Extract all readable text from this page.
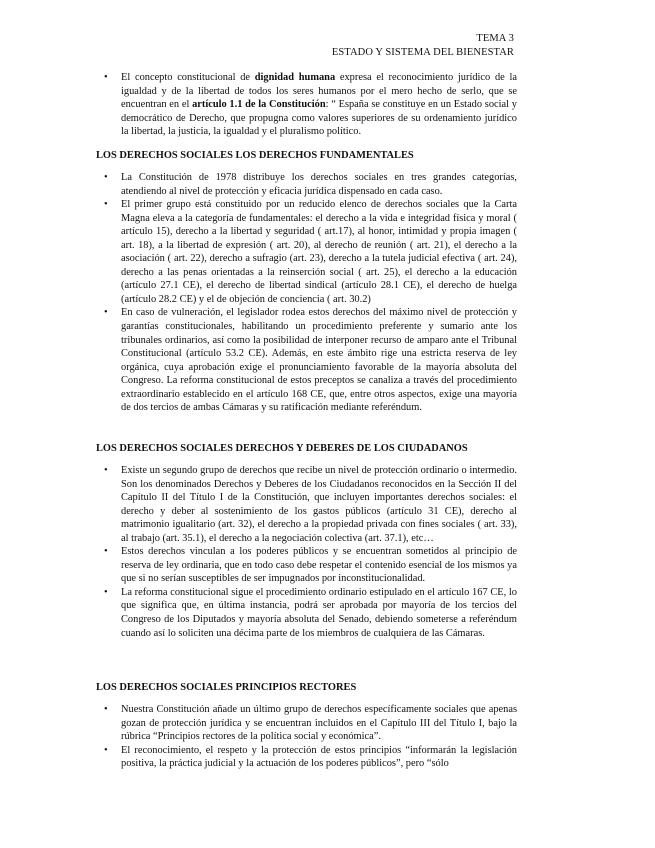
TEMA 3
ESTADO Y SISTEMA DEL BIENESTAR
• El concepto constitucional de dignidad humana expresa el reconocimiento jurídico de la igualdad y de la libertad de todos los seres humanos por el mero hecho de serlo, que se encuentran en el artículo 1.1 de la Constitución: “ España se constituye en un Estado social y democrático de Derecho, que propugna como valores superiores de su ordenamiento jurídico la libertad, la justicia, la igualdad y el pluralismo político.
LOS DERECHOS SOCIALES LOS DERECHOS FUNDAMENTALES
• La Constitución de 1978 distribuye los derechos sociales en tres grandes categorías, atendiendo al nivel de protección y eficacia jurídica dispensado en cada caso.
• El primer grupo está constituido por un reducido elenco de derechos sociales que la Carta Magna eleva a la categoría de fundamentales: el derecho a la vida e integridad física y moral ( artículo 15), derecho a la libertad y seguridad ( art.17), al honor, intimidad y propia imagen ( art. 18), a la libertad de expresión ( art. 20), al derecho de reunión ( art. 21), el derecho a la asociación ( art. 22), derecho a sufragio (art. 23), derecho a la tutela judicial efectiva ( art. 24), derecho a las penas orientadas a la reinserción social ( art. 25), el derecho a la educación (artículo 27.1 CE), el derecho de libertad sindical (artículo 28.1 CE), el derecho de huelga (artículo 28.2 CE) y el de objeción de conciencia ( art. 30.2)
• En caso de vulneración, el legislador rodea estos derechos del máximo nivel de protección y garantías constitucionales, habilitando un procedimiento preferente y sumario ante los tribunales ordinarios, así como la posibilidad de interponer recurso de amparo ante el Tribunal Constitucional (artículo 53.2 CE). Además, en este ámbito rige una estricta reserva de ley orgánica, cuya aprobación exige el pronunciamiento favorable de la mayoría absoluta del Congreso. La reforma constitucional de estos preceptos se canaliza a través del procedimiento extraordinario establecido en el artículo 168 CE, que, entre otros aspectos, exige una mayoría de dos tercios de ambas Cámaras y su ratificación mediante referéndum.
LOS DERECHOS SOCIALES DERECHOS Y DEBERES DE LOS CIUDADANOS
• Existe un segundo grupo de derechos que recibe un nivel de protección ordinario o intermedio. Son los denominados Derechos y Deberes de los Ciudadanos reconocidos en la Sección II del Capítulo II del Título I de la Constitución, que incluyen importantes derechos sociales: el derecho y deber al sostenimiento de los gastos públicos (artículo 31 CE), derecho al matrimonio igualitario (art. 32), el derecho a la propiedad privada con fines sociales ( art. 33), al trabajo (art. 35.1), el derecho a la negociación colectiva (art. 37.1), etc…
• Estos derechos vinculan a los poderes públicos y se encuentran sometidos al principio de reserva de ley ordinaria, que en todo caso debe respetar el contenido esencial de los mismos ya que si no serían susceptibles de ser impugnados por inconstitucionalidad.
• La reforma constitucional sigue el procedimiento ordinario estipulado en el artículo 167 CE, lo que significa que, en última instancia, podrá ser aprobada por mayoría de los tercios del Congreso de los Diputados y mayoría absoluta del Senado, debiendo someterse a referéndum cuando así lo soliciten una décima parte de los miembros de cualquiera de las Cámaras.
LOS DERECHOS SOCIALES PRINCIPIOS RECTORES
• Nuestra Constitución añade un último grupo de derechos específicamente sociales que apenas gozan de protección jurídica y se encuentran incluidos en el Capítulo III del Título I, bajo la rúbrica “Principios rectores de la política social y económica”.
• El reconocimiento, el respeto y la protección de estos principios “informarán la legislación positiva, la práctica judicial y la actuación de los poderes públicos”, pero “sólo
